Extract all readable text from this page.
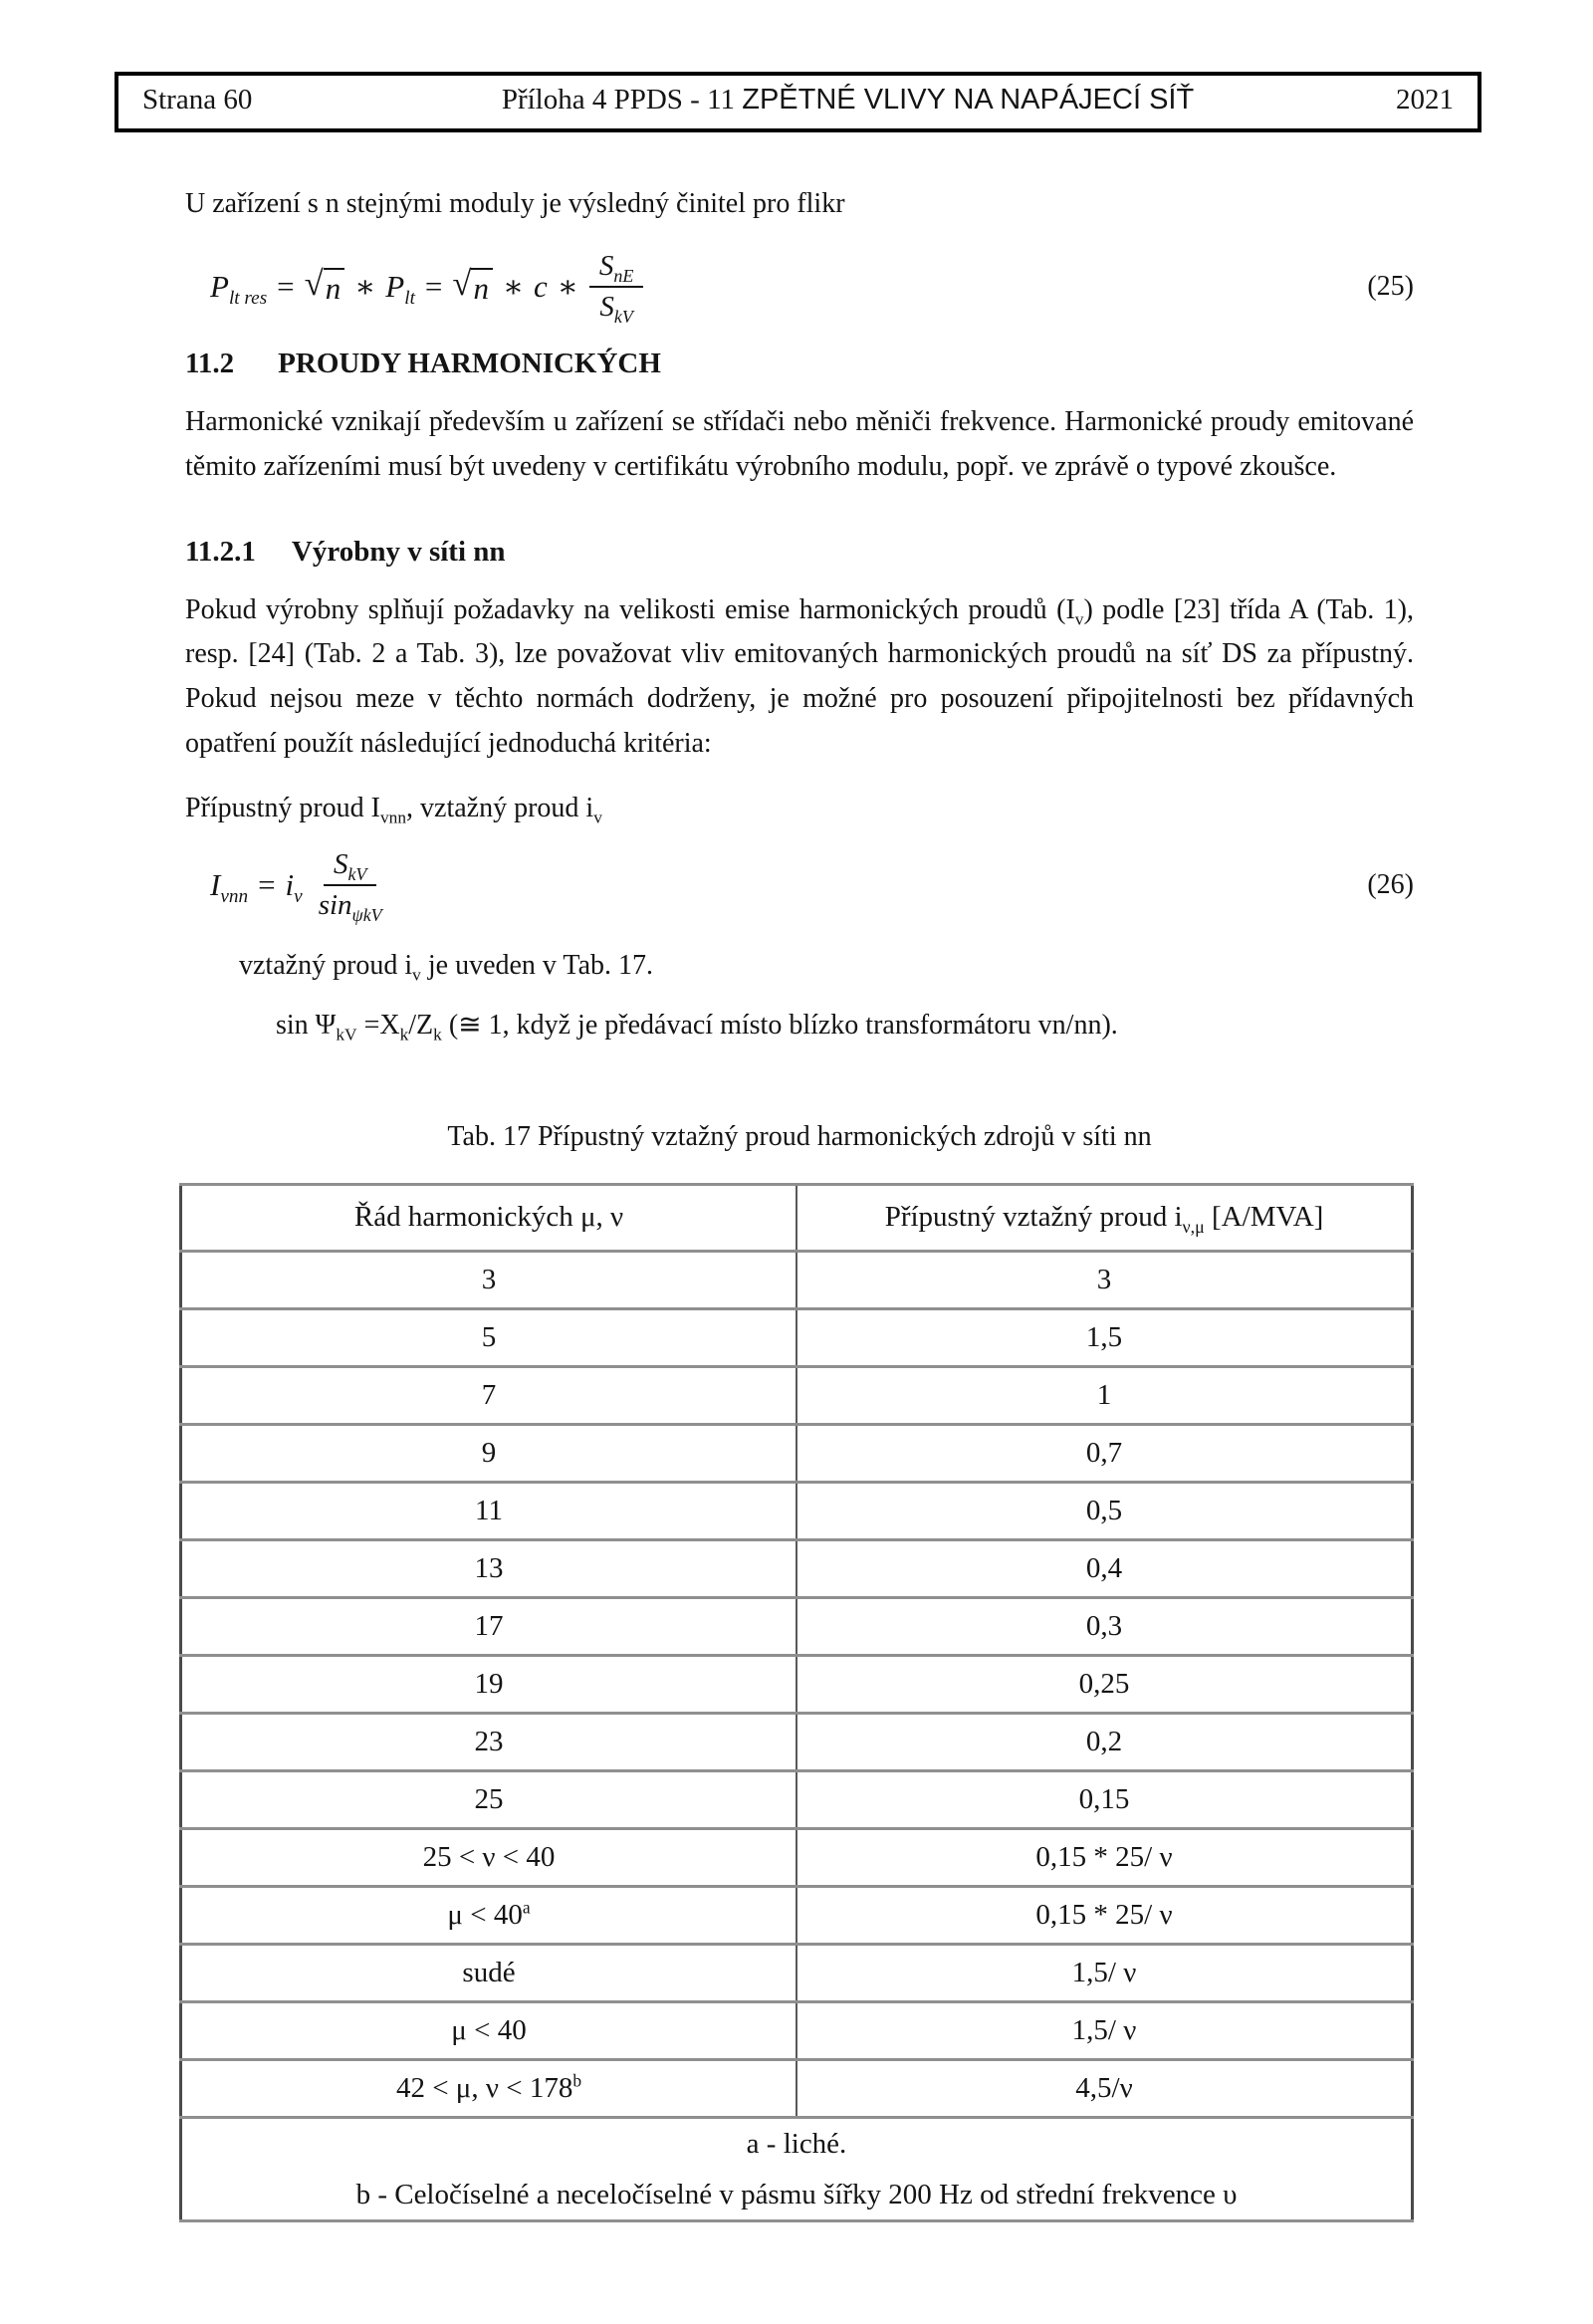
Strana 60	Příloha 4 PPDS - 11 ZPĚTNÉ VLIVY NA NAPÁJECÍ SÍŤ	2021
U zařízení s n stejnými moduly je výsledný činitel pro flikr
$P_{lt res}$ = √ n ∗ $P_{lt}$ = √ n ∗ c ∗ $\frac{S_{nE}}{S_{kV}}$	(25)
11.2 PROUDY HARMONICKÝCH

Harmonické vznikají především u zařízení se střídači nebo měniči frekvence. Harmonické proudy emitované těmito zařízeními musí být uvedeny v certifikátu výrobního modulu, popř. ve zprávě o typové zkoušce.

11.2.1 Výrobny v síti nn

Pokud výrobny splňují požadavky na velikosti emise harmonických proudů $(I_v)$ podle [23] třída A (Tab. 1), resp. [24] (Tab. 2 a Tab. 3), lze považovat vliv emitovaných harmonických proudů na síť DS za přípustný. Pokud nejsou meze v těchto normách dodrženy, je možné pro posouzení připojitelnosti bez přídavných opatření použít následující jednoduchá kritéria:

Přípustný proud $I_{vnn}$, vztažný proud $i_v$
$I_{vnn} = i_\nu \frac{S_{kV}}{\sin_{\psi kV}}$	(26)
vztažný proud $i_v$ je uveden v Tab. 17.
$\sin \Psi_{kV} =X_k/Z_k$ (≅ 1, když je předávací místo blízko transformátoru vn/nn).
Tab. 17 Přípustný vztažný proud harmonických zdrojů v síti nn
Řád harmonických μ, ν	Přípustný vztažný proud $i_{\nu,\mu}$ [A/MVA]
3	3
5	1,5
7	1
9	0,7
11	0,5
13	0,4
17	0,3
19	0,25
23	0,2
25	0,15
25 < ν < 40	0,15 * 25/ ν
$\mu < 40^a$	0,15 * 25/ ν
sudé	1,5/ ν
μ < 40	1,5/ ν
42 < μ, $\nu < 178^b$	4,5/ν

a - liché.
b - Celočíselné a neceločíselné v pásmu šířky 200 Hz od střední frekvence υ	
